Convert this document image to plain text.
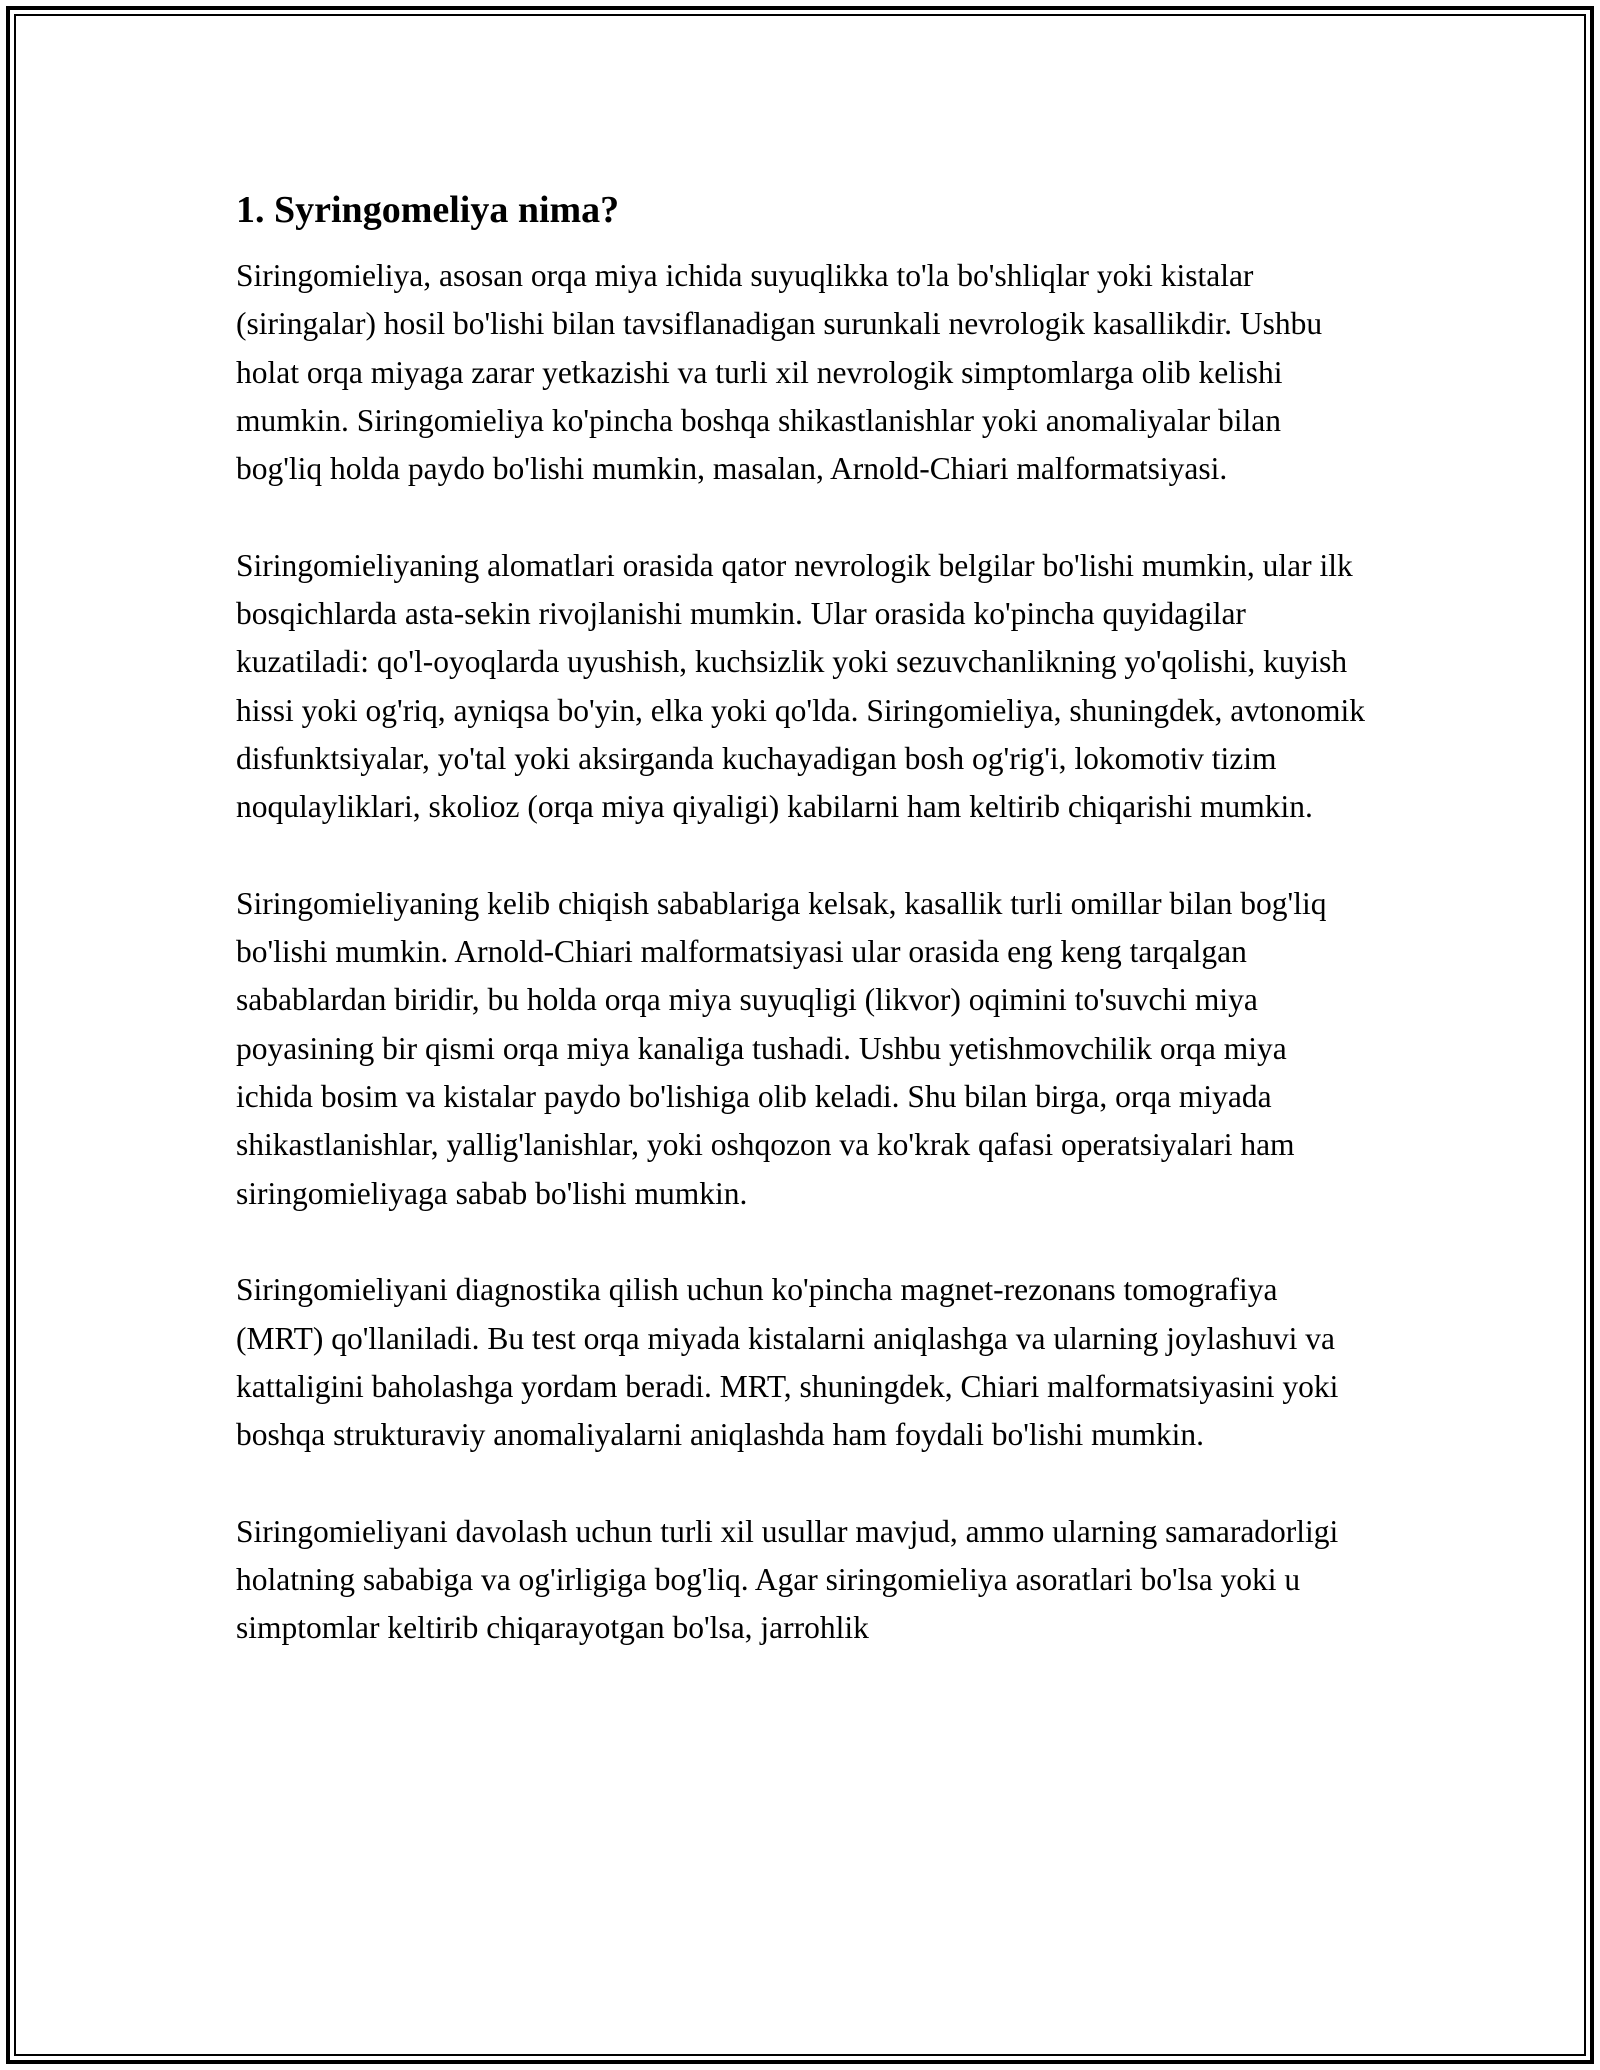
1. Syringomeliya nima?

Siringomieliya, asosan orqa miya ichida suyuqlikka to'la bo'shliqlar yoki kistalar (siringalar) hosil bo'lishi bilan tavsiflanadigan surunkali nevrologik kasallikdir. Ushbu holat orqa miyaga zarar yetkazishi va turli xil nevrologik simptomlarga olib kelishi mumkin. Siringomieliya ko'pincha boshqa shikastlanishlar yoki anomaliyalar bilan bog'liq holda paydo bo'lishi mumkin, masalan, Arnold-Chiari malformatsiyasi.

Siringomieliyaning alomatlari orasida qator nevrologik belgilar bo'lishi mumkin, ular ilk bosqichlarda asta-sekin rivojlanishi mumkin. Ular orasida ko'pincha quyidagilar kuzatiladi: qo'l-oyoqlarda uyushish, kuchsizlik yoki sezuvchanlikning yo'qolishi, kuyish hissi yoki og'riq, ayniqsa bo'yin, elka yoki qo'lda. Siringomieliya, shuningdek, avtonomik disfunktsiyalar, yo'tal yoki aksirganda kuchayadigan bosh og'rig'i, lokomotiv tizim noqulayliklari, skolioz (orqa miya qiyaligi) kabilarni ham keltirib chiqarishi mumkin.

Siringomieliyaning kelib chiqish sabablariga kelsak, kasallik turli omillar bilan bog'liq bo'lishi mumkin. Arnold-Chiari malformatsiyasi ular orasida eng keng tarqalgan sabablardan biridir, bu holda orqa miya suyuqligi (likvor) oqimini to'suvchi miya poyasining bir qismi orqa miya kanaliga tushadi. Ushbu yetishmovchilik orqa miya ichida bosim va kistalar paydo bo'lishiga olib keladi. Shu bilan birga, orqa miyada shikastlanishlar, yallig'lanishlar, yoki oshqozon va ko'krak qafasi operatsiyalari ham siringomieliyaga sabab bo'lishi mumkin.

Siringomieliyani diagnostika qilish uchun ko'pincha magnet-rezonans tomografiya (MRT) qo'llaniladi. Bu test orqa miyada kistalarni aniqlashga va ularning joylashuvi va kattaligini baholashga yordam beradi. MRT, shuningdek, Chiari malformatsiyasini yoki boshqa strukturaviy anomaliyalarni aniqlashda ham foydali bo'lishi mumkin.

Siringomieliyani davolash uchun turli xil usullar mavjud, ammo ularning samaradorligi holatning sababiga va og'irligiga bog'liq. Agar siringomieliya asoratlari bo'lsa yoki u simptomlar keltirib chiqarayotgan bo'lsa, jarrohlik
